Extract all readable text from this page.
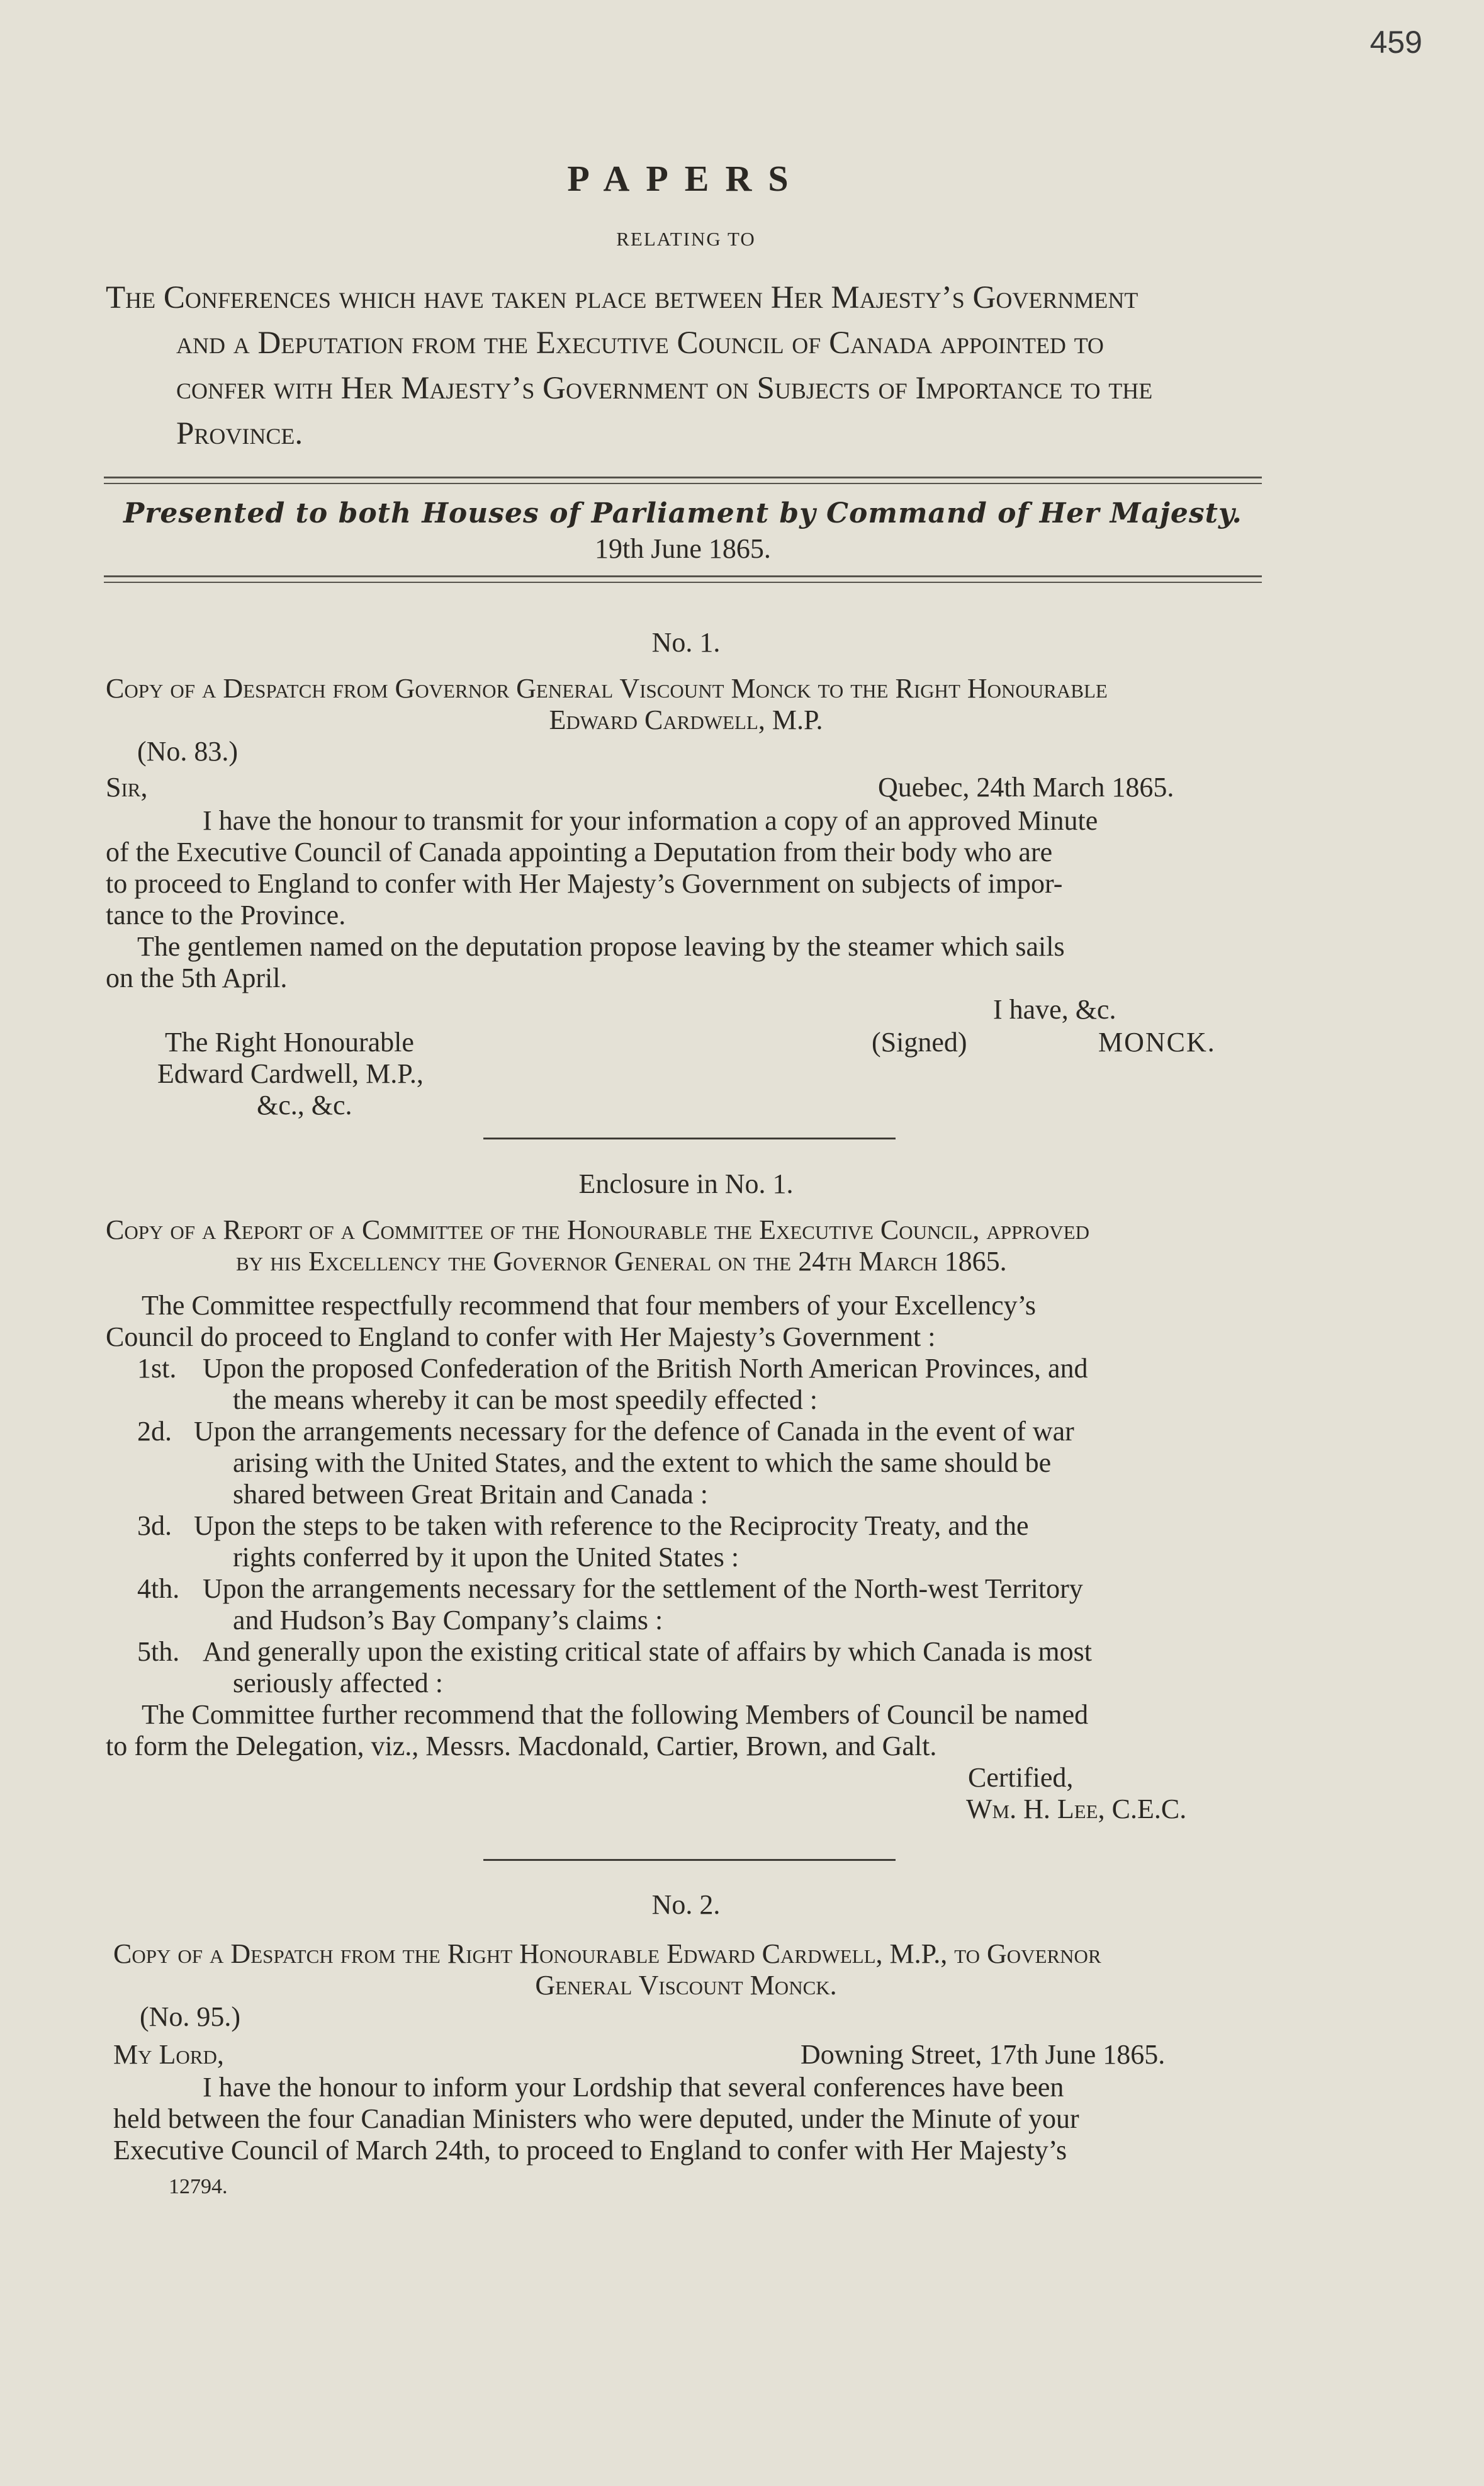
459
PAPERS
RELATING TO
The Conferences which have taken place between Her Majesty’s Government
and a Deputation from the Executive Council of Canada appointed to
confer with Her Majesty’s Government on Subjects of Importance to the
Province.
Presented to both Houses of Parliament by Command of Her Majesty.
19th June 1865.
No. 1.
Copy of a Despatch from Governor General Viscount Monck to the Right Honourable
Edward Cardwell, M.P.
(No. 83.)
Sir,	Quebec, 24th March 1865.
I have the honour to transmit for your information a copy of an approved Minute
of the Executive Council of Canada appointing a Deputation from their body who are
to proceed to England to confer with Her Majesty’s Government on subjects of impor-
tance to the Province.
The gentlemen named on the deputation propose leaving by the steamer which sails
on the 5th April.
I have, &c.
The Right Honourable
Edward Cardwell, M.P.,
&c., &c.
(Signed)	MONCK.
Enclosure in No. 1.
Copy of a Report of a Committee of the Honourable the Executive Council, approved
by his Excellency the Governor General on the 24th March 1865.
The Committee respectfully recommend that four members of your Excellency’s
Council do proceed to England to confer with Her Majesty’s Government :
1st. Upon the proposed Confederation of the British North American Provinces, and
the means whereby it can be most speedily effected :
2d. Upon the arrangements necessary for the defence of Canada in the event of war
arising with the United States, and the extent to which the same should be
shared between Great Britain and Canada :
3d. Upon the steps to be taken with reference to the Reciprocity Treaty, and the
rights conferred by it upon the United States :
4th. Upon the arrangements necessary for the settlement of the North-west Territory
and Hudson’s Bay Company’s claims :
5th. And generally upon the existing critical state of affairs by which Canada is most
seriously affected :
The Committee further recommend that the following Members of Council be named
to form the Delegation, viz., Messrs. Macdonald, Cartier, Brown, and Galt.
Certified,
Wm. H. Lee, C.E.C.
No. 2.
Copy of a Despatch from the Right Honourable Edward Cardwell, M.P., to Governor
General Viscount Monck.
(No. 95.)
My Lord,	Downing Street, 17th June 1865.
I have the honour to inform your Lordship that several conferences have been
held between the four Canadian Ministers who were deputed, under the Minute of your
Executive Council of March 24th, to proceed to England to confer with Her Majesty’s
12794.
